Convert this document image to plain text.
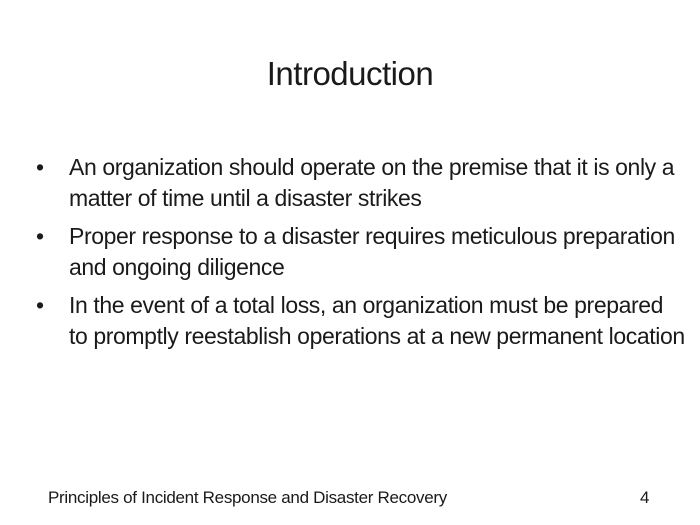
Introduction
•	An organization should operate on the premise that it is only a matter of time until a disaster strikes
•	Proper response to a disaster requires meticulous preparation and ongoing diligence
•	In the event of a total loss, an organization must be prepared to promptly reestablish operations at a new permanent location
Principles of Incident Response and Disaster Recovery	4
